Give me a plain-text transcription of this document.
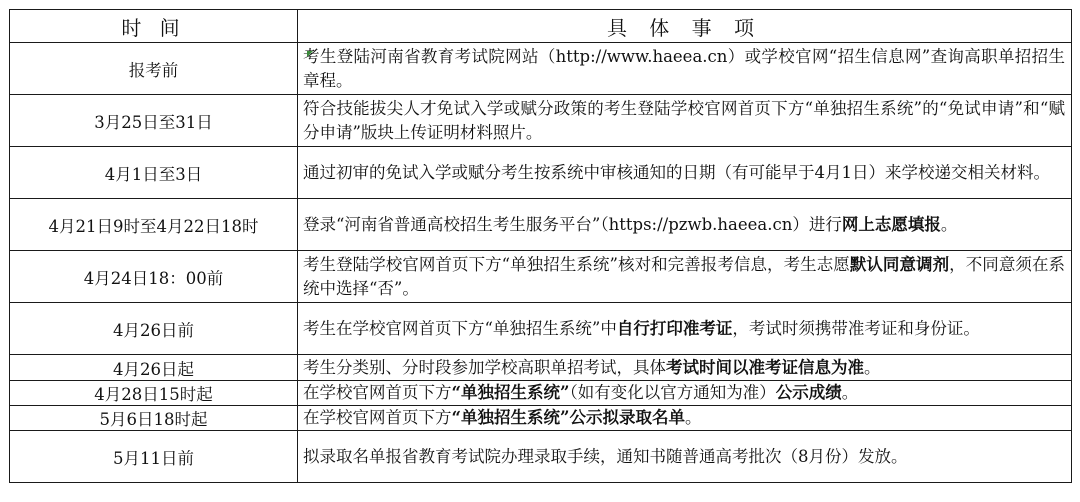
时 间	具 体 事 项
报考前	考生登陆河南省教育考试院网站（http://www.haeea.cn）或学校官网“招生信息网”查询高职单招招生章程。
3月25日至31日	符合技能拔尖人才免试入学或赋分政策的考生登陆学校官网首页下方“单独招生系统”的“免试申请”和“赋分申请”版块上传证明材料照片。
4月1日至3日	通过初审的免试入学或赋分考生按系统中审核通知的日期（有可能早于4月1日）来学校递交相关材料。
4月21日9时至4月22日18时	登录“河南省普通高校招生考生服务平台”（https://pzwb.haeea.cn）进行网上志愿填报。
4月24日18：00前	考生登陆学校官网首页下方“单独招生系统”核对和完善报考信息，考生志愿默认同意调剂，不同意须在系统中选择“否”。
4月26日前	考生在学校官网首页下方“单独招生系统”中自行打印准考证，考试时须携带准考证和身份证。
4月26日起	考生分类别、分时段参加学校高职单招考试，具体考试时间以准考证信息为准。
4月28日15时起	在学校官网首页下方“单独招生系统”（如有变化以官方通知为准）公示成绩。
5月6日18时起	在学校官网首页下方“单独招生系统”公示拟录取名单。
5月11日前	拟录取名单报省教育考试院办理录取手续，通知书随普通高考批次（8月份）发放。
